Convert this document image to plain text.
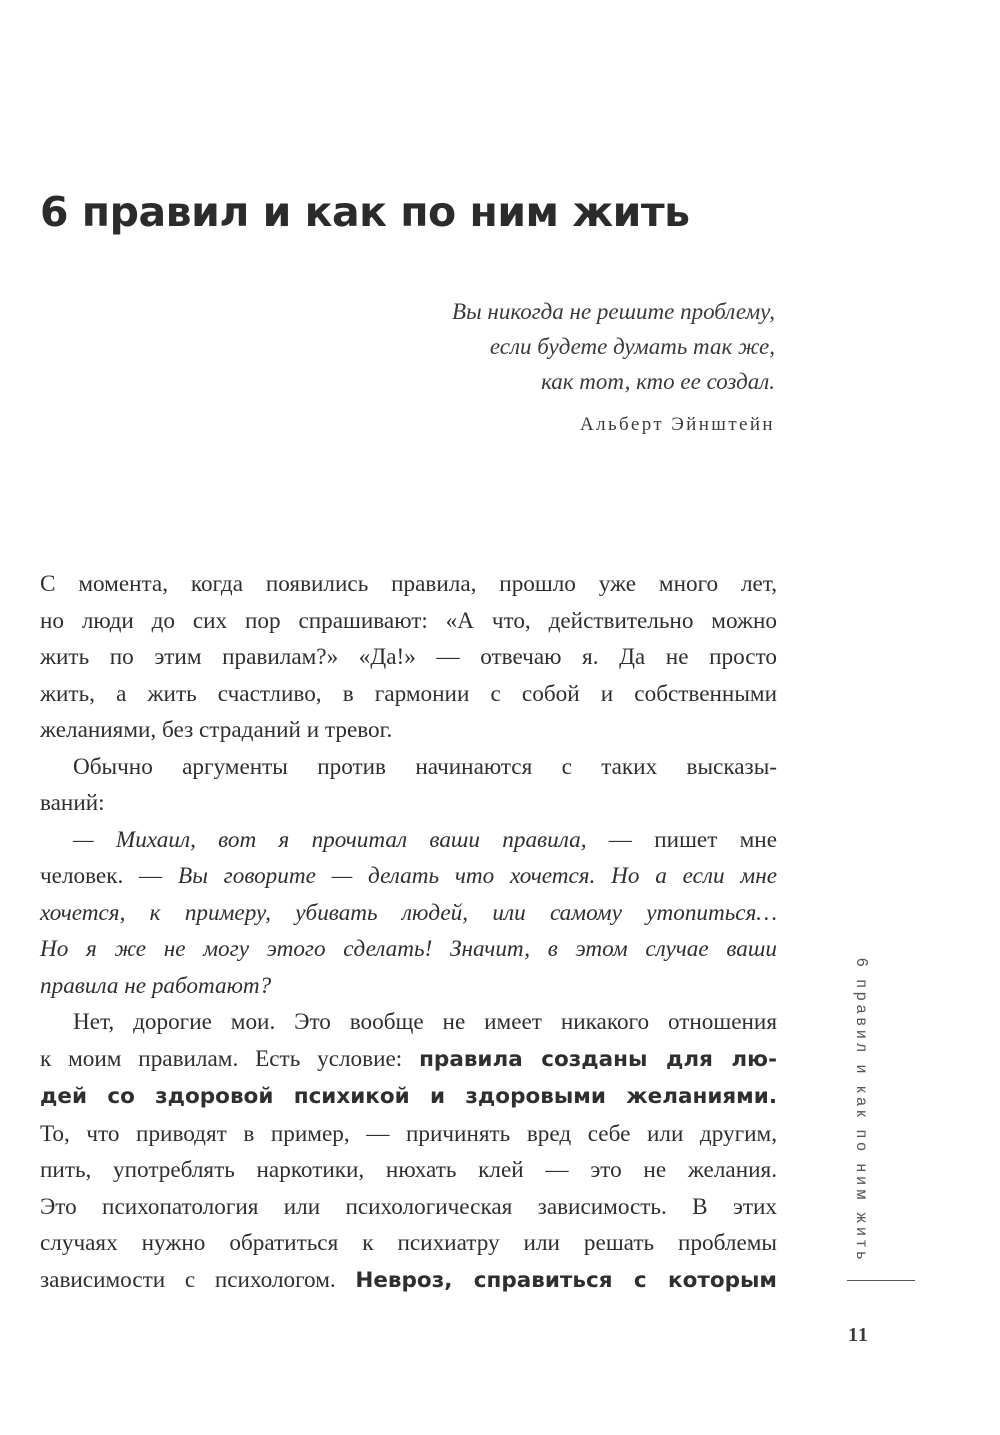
6 правил и как по ним жить
Вы никогда не решите проблему,
если будете думать так же,
как тот, кто ее создал.
Альберт Эйнштейн
С момента, когда появились правила, прошло уже много лет,
но люди до сих пор спрашивают: «А что, действительно можно
жить по этим правилам?» «Да!» — отвечаю я. Да не просто
жить, а жить счастливо, в гармонии с собой и собственными
желаниями, без страданий и тревог.
Обычно аргументы против начинаются с таких высказы-
ваний:
— Михаил, вот я прочитал ваши правила, — пишет мне
человек. — Вы говорите — делать что хочется. Но а если мне
хочется, к примеру, убивать людей, или самому утопиться…
Но я же не могу этого сделать! Значит, в этом случае ваши
правила не работают?
Нет, дорогие мои. Это вообще не имеет никакого отношения
к моим правилам. Есть условие: правила созданы для лю-
дей со здоровой психикой и здоровыми желаниями.
То, что приводят в пример, — причинять вред себе или другим,
пить, употреблять наркотики, нюхать клей — это не желания.
Это психопатология или психологическая зависимость. В этих
случаях нужно обратиться к психиатру или решать проблемы
зависимости с психологом. Невроз, справиться с которым
6 правил и как по ним жить
11
